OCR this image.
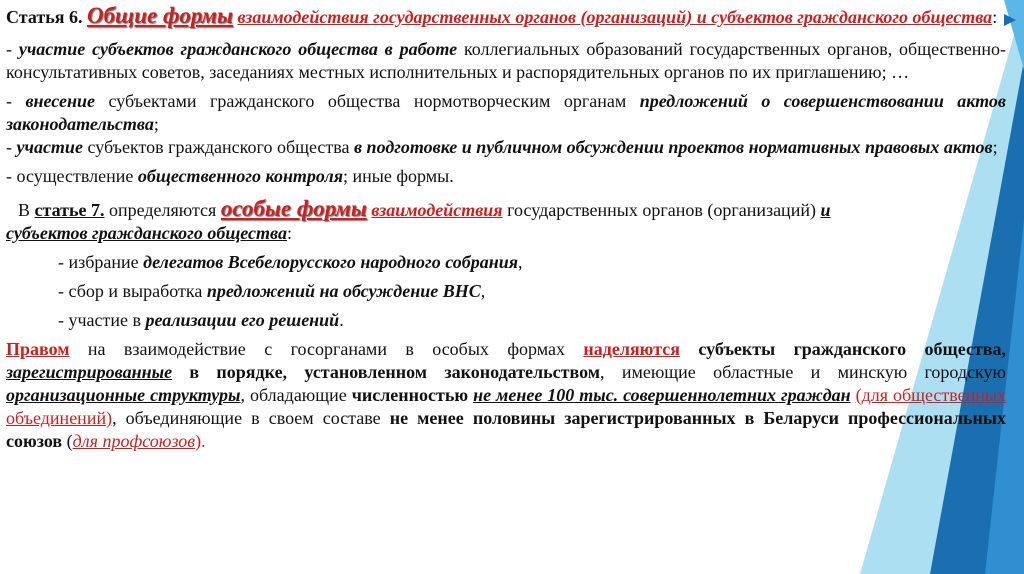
Статья 6. Общие формы взаимодействия государственных органов (организаций) и субъектов гражданского общества:

- участие субъектов гражданского общества в работе коллегиальных образований государственных органов, общественно-консультативных советов, заседаниях местных исполнительных и распорядительных органов по их приглашению; …

- внесение субъектами гражданского общества нормотворческим органам предложений о совершенствовании актов законодательства;

- участие субъектов гражданского общества в подготовке и публичном обсуждении проектов нормативных правовых актов;

- осуществление общественного контроля; иные формы.

В статье 7. определяются особые формы взаимодействия государственных органов (организаций) и

субъектов гражданского общества:

- избрание делегатов Всебелорусского народного собрания,

- сбор и выработка предложений на обсуждение ВНС,

- участие в реализации его решений.

Правом на взаимодействие с госорганами в особых формах наделяются субъекты гражданского общества, зарегистрированные в порядке, установленном законодательством, имеющие областные и минскую городскую организационные структуры, обладающие численностью не менее 100 тыс. совершеннолетних граждан (для общественных объединений), объединяющие в своем составе не менее половины зарегистрированных в Беларуси профессиональных союзов (для профсоюзов).
